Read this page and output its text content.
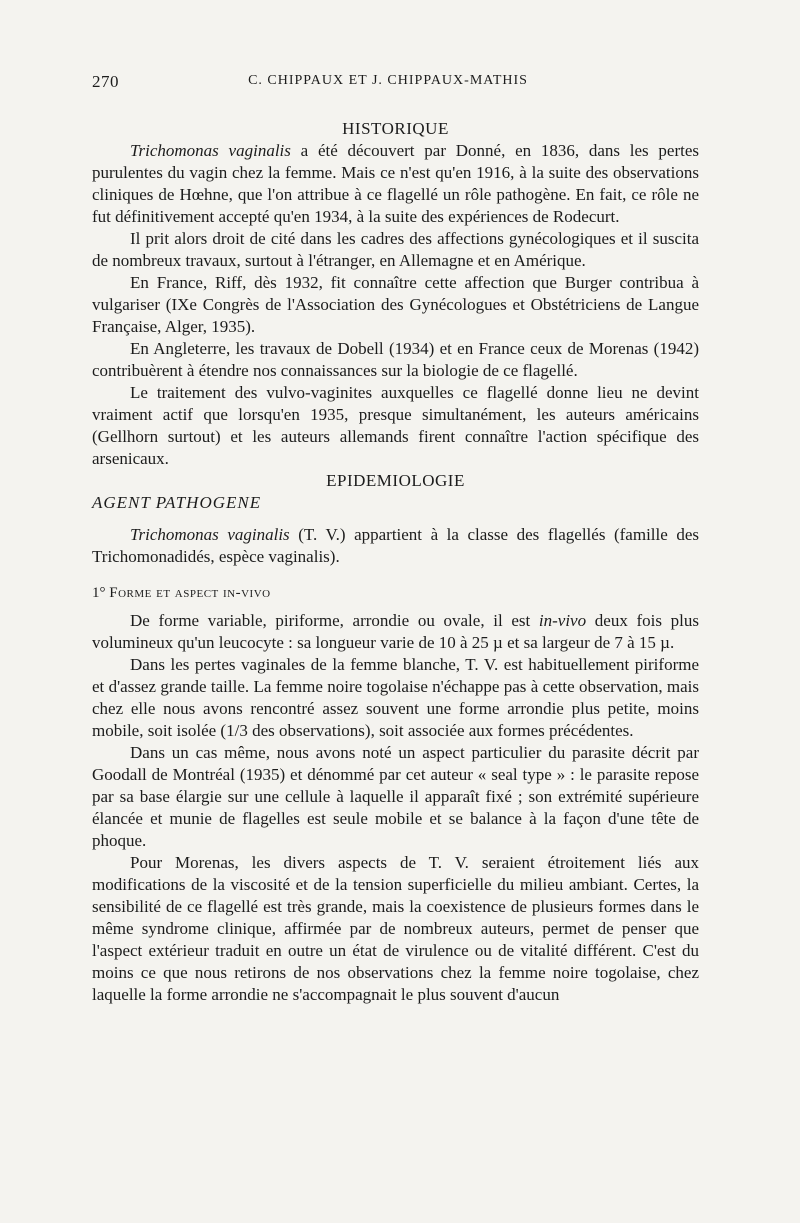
270	C. CHIPPAUX ET J. CHIPPAUX-MATHIS
HISTORIQUE

Trichomonas vaginalis a été découvert par Donné, en 1836, dans les pertes purulentes du vagin chez la femme. Mais ce n'est qu'en 1916, à la suite des observations cliniques de Hœhne, que l'on attribue à ce flagellé un rôle pathogène. En fait, ce rôle ne fut définitivement accepté qu'en 1934, à la suite des expériences de Rodecurt.

Il prit alors droit de cité dans les cadres des affections gynécologiques et il suscita de nombreux travaux, surtout à l'étranger, en Allemagne et en Amérique.

En France, Riff, dès 1932, fit connaître cette affection que Burger contribua à vulgariser (IXe Congrès de l'Association des Gynécologues et Obstétriciens de Langue Française, Alger, 1935).

En Angleterre, les travaux de Dobell (1934) et en France ceux de Morenas (1942) contribuèrent à étendre nos connaissances sur la biologie de ce flagellé.

Le traitement des vulvo-vaginites auxquelles ce flagellé donne lieu ne devint vraiment actif que lorsqu'en 1935, presque simultanément, les auteurs américains (Gellhorn surtout) et les auteurs allemands firent connaître l'action spécifique des arsenicaux.

EPIDEMIOLOGIE
AGENT PATHOGENE

Trichomonas vaginalis (T. V.) appartient à la classe des flagellés (famille des Trichomonadidés, espèce vaginalis).

1° Forme et aspect in-vivo

De forme variable, piriforme, arrondie ou ovale, il est in-vivo deux fois plus volumineux qu'un leucocyte : sa longueur varie de 10 à 25 µ et sa largeur de 7 à 15 µ.

Dans les pertes vaginales de la femme blanche, T. V. est habituellement piriforme et d'assez grande taille. La femme noire togolaise n'échappe pas à cette observation, mais chez elle nous avons rencontré assez souvent une forme arrondie plus petite, moins mobile, soit isolée (1/3 des observations), soit associée aux formes précédentes.

Dans un cas même, nous avons noté un aspect particulier du parasite décrit par Goodall de Montréal (1935) et dénommé par cet auteur « seal type » : le parasite repose par sa base élargie sur une cellule à laquelle il apparaît fixé ; son extrémité supérieure élancée et munie de flagelles est seule mobile et se balance à la façon d'une tête de phoque.

Pour Morenas, les divers aspects de T. V. seraient étroitement liés aux modifications de la viscosité et de la tension superficielle du milieu ambiant. Certes, la sensibilité de ce flagellé est très grande, mais la coexistence de plusieurs formes dans le même syndrome clinique, affirmée par de nombreux auteurs, permet de penser que l'aspect extérieur traduit en outre un état de virulence ou de vitalité différent. C'est du moins ce que nous retirons de nos observations chez la femme noire togolaise, chez laquelle la forme arrondie ne s'accompagnait le plus souvent d'aucun
